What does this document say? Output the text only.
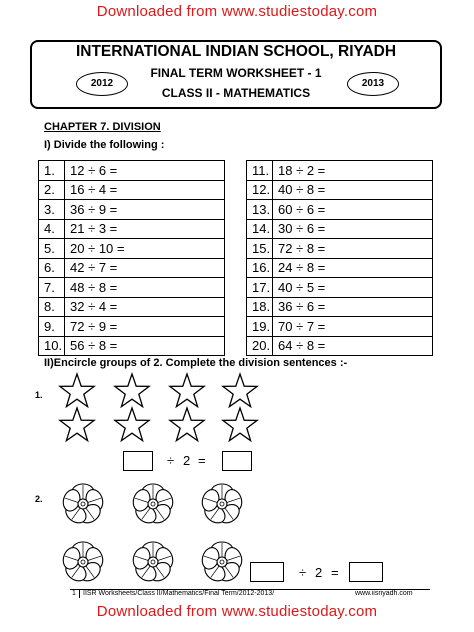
Downloaded from www.studiestoday.com
Downloaded from www.studiestoday.com
INTERNATIONAL INDIAN SCHOOL, RIYADH
FINAL TERM WORKSHEET - 1
CLASS II - MATHEMATICS
2012	2013
CHAPTER 7. DIVISION
I) Divide the following :
1.	12 ÷ 6 =
2.	16 ÷ 4 =
3.	36 ÷ 9 =
4.	21 ÷ 3 =
5.	20 ÷ 10 =
6.	42 ÷ 7 =
7.	48 ÷ 8 =
8.	32 ÷ 4 =
9.	72 ÷ 9 =
10.	56 ÷ 8 =
11.	18 ÷ 2 =
12.	40 ÷ 8 =
13.	60 ÷ 6 =
14.	30 ÷ 6 =
15.	72 ÷ 8 =
16.	24 ÷ 8 =
17.	40 ÷ 5 =
18.	36 ÷ 6 =
19.	70 ÷ 7 =
20.	64 ÷ 8 =
II)Encircle groups of 2. Complete the division sentences :-
1.
÷ 2 =
2.
÷ 2 =
1 IISR Worksheets/Class II/Mathematics/Final Term/2012-2013/	www.iisriyadh.com
